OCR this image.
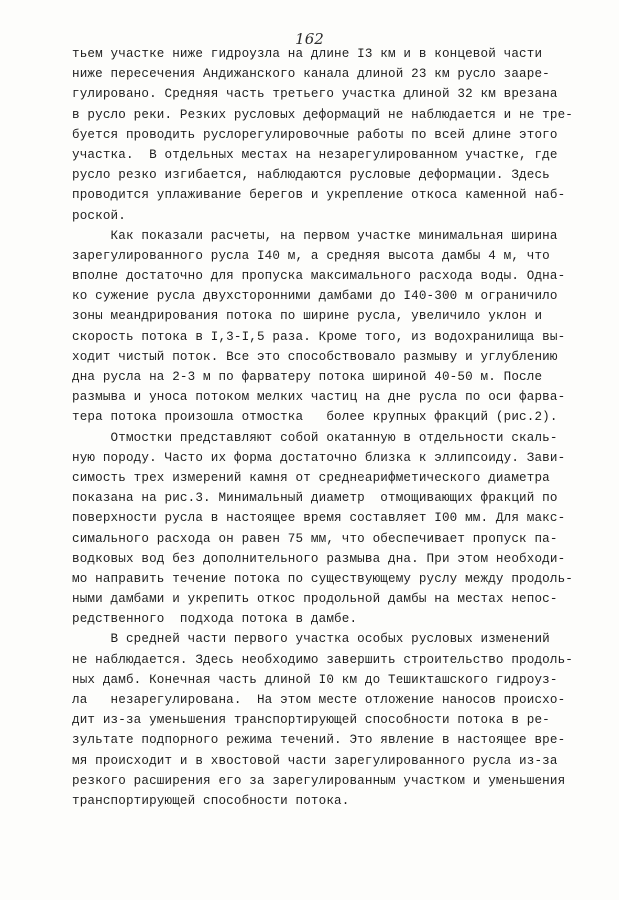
162
тьем участке ниже гидроузла на длине I3 км и в концевой части
ниже пересечения Андижанского канала длиной 23 км русло зааре-
гулировано. Средняя часть третьего участка длиной 32 км врезана
в русло реки. Резких русловых деформаций не наблюдается и не тре-
буется проводить руслорегулировочные работы по всей длине этого
участка.  В отдельных местах на незарегулированном участке, где
русло резко изгибается, наблюдаются русловые деформации. Здесь
проводится уплаживание берегов и укрепление откоса каменной наб-
роской.
Как показали расчеты, на первом участке минимальная ширина
зарегулированного русла I40 м, а средняя высота дамбы 4 м, что
вполне достаточно для пропуска максимального расхода воды. Одна-
ко сужение русла двухсторонними дамбами до I40-300 м ограничило
зоны меандрирования потока по ширине русла, увеличило уклон и
скорость потока в I,3-I,5 раза. Кроме того, из водохранилища вы-
ходит чистый поток. Все это способствовало размыву и углублению
дна русла на 2-3 м по фарватеру потока шириной 40-50 м. После
размыва и уноса потоком мелких частиц на дне русла по оси фарва-
тера потока произошла отмостка   более крупных фракций (рис.2).
Отмостки представляют собой окатанную в отдельности скаль-
ную породу. Часто их форма достаточно близка к эллипсоиду. Зави-
симость трех измерений камня от среднеарифметического диаметра
показана на рис.3. Минимальный диаметр  отмощивающих фракций по
поверхности русла в настоящее время составляет I00 мм. Для макс-
симального расхода он равен 75 мм, что обеспечивает пропуск па-
водковых вод без дополнительного размыва дна. При этом необходи-
мо направить течение потока по существующему руслу между продоль-
ными дамбами и укрепить откос продольной дамбы на местах непос-
редственного  подхода потока в дамбе.
В средней части первого участка особых русловых изменений
не наблюдается. Здесь необходимо завершить строительство продоль-
ных дамб. Конечная часть длиной I0 км до Тешикташского гидроуз-
ла   незарегулирована.  На этом месте отложение наносов происхо-
дит из-за уменьшения транспортирующей способности потока в ре-
зультате подпорного режима течений. Это явление в настоящее вре-
мя происходит и в хвостовой части зарегулированного русла из-за
резкого расширения его за зарегулированным участком и уменьшения
транспортирующей способности потока.
